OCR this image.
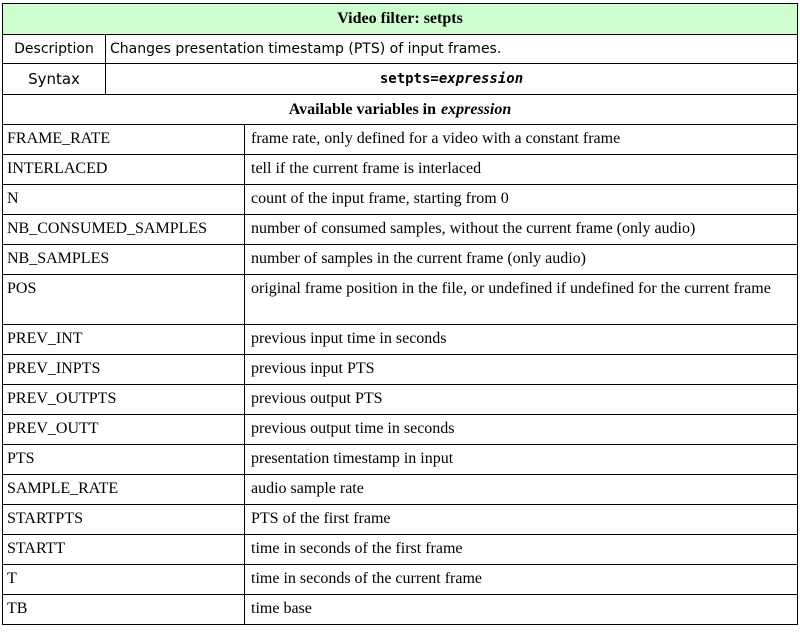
Video filter: setpts
Description	Changes presentation timestamp (PTS) of input frames.
Syntax	setpts= expression
Available variables in expression
FRAME_RATE	frame rate, only defined for a video with a constant frame
INTERLACED	tell if the current frame is interlaced
N	count of the input frame, starting from 0
NB_CONSUMED_SAMPLES	number of consumed samples, without the current frame (only audio)
NB_SAMPLES	number of samples in the current frame (only audio)
POS	original frame position in the file, or undefined if undefined for the current frame
PREV_INT	previous input time in seconds
PREV_INPTS	previous input PTS
PREV_OUTPTS	previous output PTS
PREV_OUTT	previous output time in seconds
PTS	presentation timestamp in input
SAMPLE_RATE	audio sample rate
STARTPTS	PTS of the first frame
STARTT	time in seconds of the first frame
T	time in seconds of the current frame
TB	time base
